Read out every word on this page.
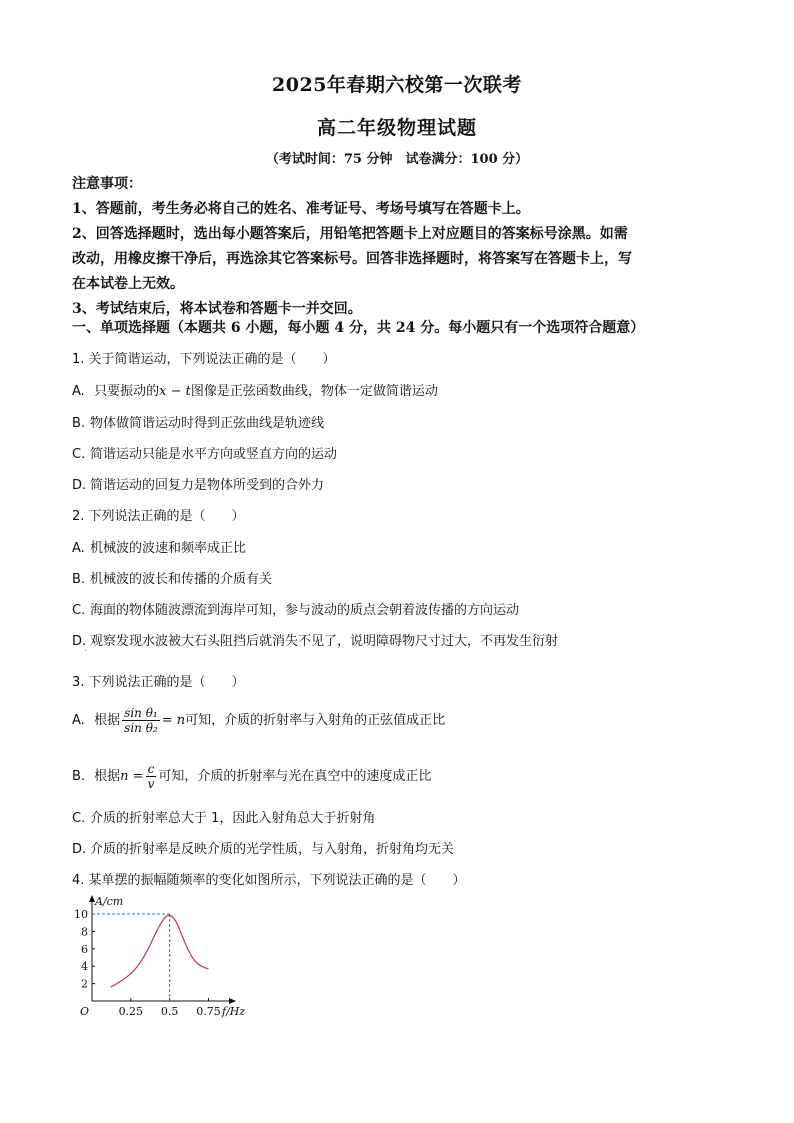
2025年春期六校第一次联考
高二年级物理试题
（考试时间：75 分钟　试卷满分：100 分）
注意事项：
1、答题前，考生务必将自己的姓名、准考证号、考场号填写在答题卡上。
2、回答选择题时，选出每小题答案后，用铅笔把答题卡上对应题目的答案标号涂黑。如需
改动，用橡皮擦干净后，再选涂其它答案标号。回答非选择题时，将答案写在答题卡上，写
在本试卷上无效。
3、考试结束后，将本试卷和答题卡一并交回。
一、单项选择题（本题共 6 小题，每小题 4 分，共 24 分。每小题只有一个选项符合题意）
1. 关于简谐运动，下列说法正确的是（　　）
A. 只要振动的x − t图像是正弦函数曲线，物体一定做简谐运动
B. 物体做简谐运动时得到正弦曲线是轨迹线
C. 简谐运动只能是水平方向或竖直方向的运动
D. 简谐运动的回复力是物体所受到的合外力
2. 下列说法正确的是（　　）
A. 机械波的波速和频率成正比
B. 机械波的波长和传播的介质有关
C. 海面的物体随波漂流到海岸可知，参与波动的质点会朝着波传播的方向运动
D. 观察发现水波被大石头阻挡后就消失不见了，说明障碍物尺寸过大，不再发生衍射
·
3. 下列说法正确的是（　　）
A. 根据 $\frac{\text{sin θ₁}}{\text{sin θ₂}} = n$可知，介质的折射率与入射角的正弦值成正比
B. 根据$n = \frac{c}{v}$ 可知，介质的折射率与光在真空中的速度成正比
C. 介质的折射率总大于 1，因此入射角总大于折射角
D. 介质的折射率是反映介质的光学性质，与入射角，折射角均无关
4. 某单摆的振幅随频率的变化如图所示，下列说法正确的是（　　）
2
4
6
8
10
0.25 0.5 0.75
A/cm
f/Hz
O
